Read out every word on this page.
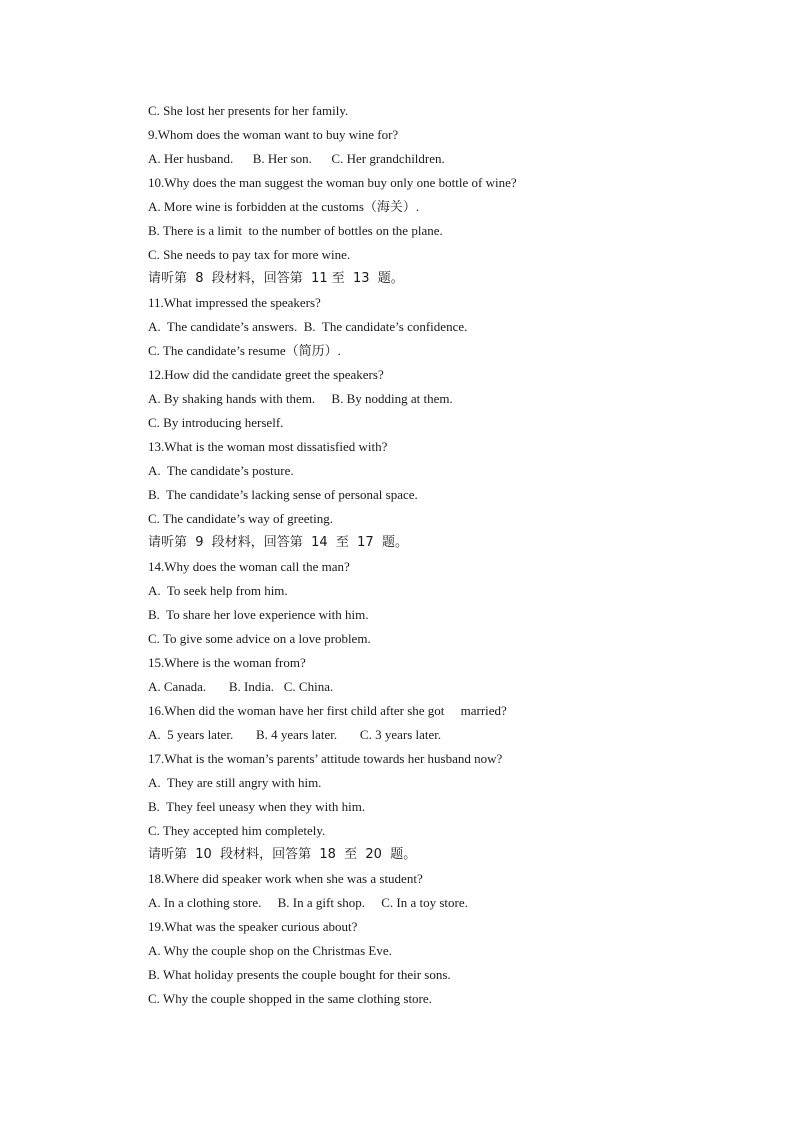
C. She lost her presents for her family.
9.Whom does the woman want to buy wine for?
A. Her husband.      B. Her son.      C. Her grandchildren.
10.Why does the man suggest the woman buy only one bottle of wine?
A. More wine is forbidden at the customs（海关）.
B. There is a limit  to the number of bottles on the plane.
C. She needs to pay tax for more wine.
请听第  8  段材料，回答第  11 至  13  题。
11.What impressed the speakers?
A.  The candidate’s answers.  B.  The candidate’s confidence.
C. The candidate’s resume（简历）.
12.How did the candidate greet the speakers?
A. By shaking hands with them.     B. By nodding at them.
C. By introducing herself.
13.What is the woman most dissatisfied with?
A.  The candidate’s posture.
B.  The candidate’s lacking sense of personal space.
C. The candidate’s way of greeting.
请听第  9  段材料，回答第  14  至  17  题。
14.Why does the woman call the man?
A.  To seek help from him.
B.  To share her love experience with him.
C. To give some advice on a love problem.
15.Where is the woman from?
A. Canada.       B. India.   C. China.
16.When did the woman have her first child after she got     married?
A.  5 years later.       B. 4 years later.       C. 3 years later.
17.What is the woman’s parents’ attitude towards her husband now?
A.  They are still angry with him.
B.  They feel uneasy when they with him.
C. They accepted him completely.
请听第  10  段材料，回答第  18  至  20  题。
18.Where did speaker work when she was a student?
A. In a clothing store.     B. In a gift shop.     C. In a toy store.
19.What was the speaker curious about?
A. Why the couple shop on the Christmas Eve.
B. What holiday presents the couple bought for their sons.
C. Why the couple shopped in the same clothing store.
